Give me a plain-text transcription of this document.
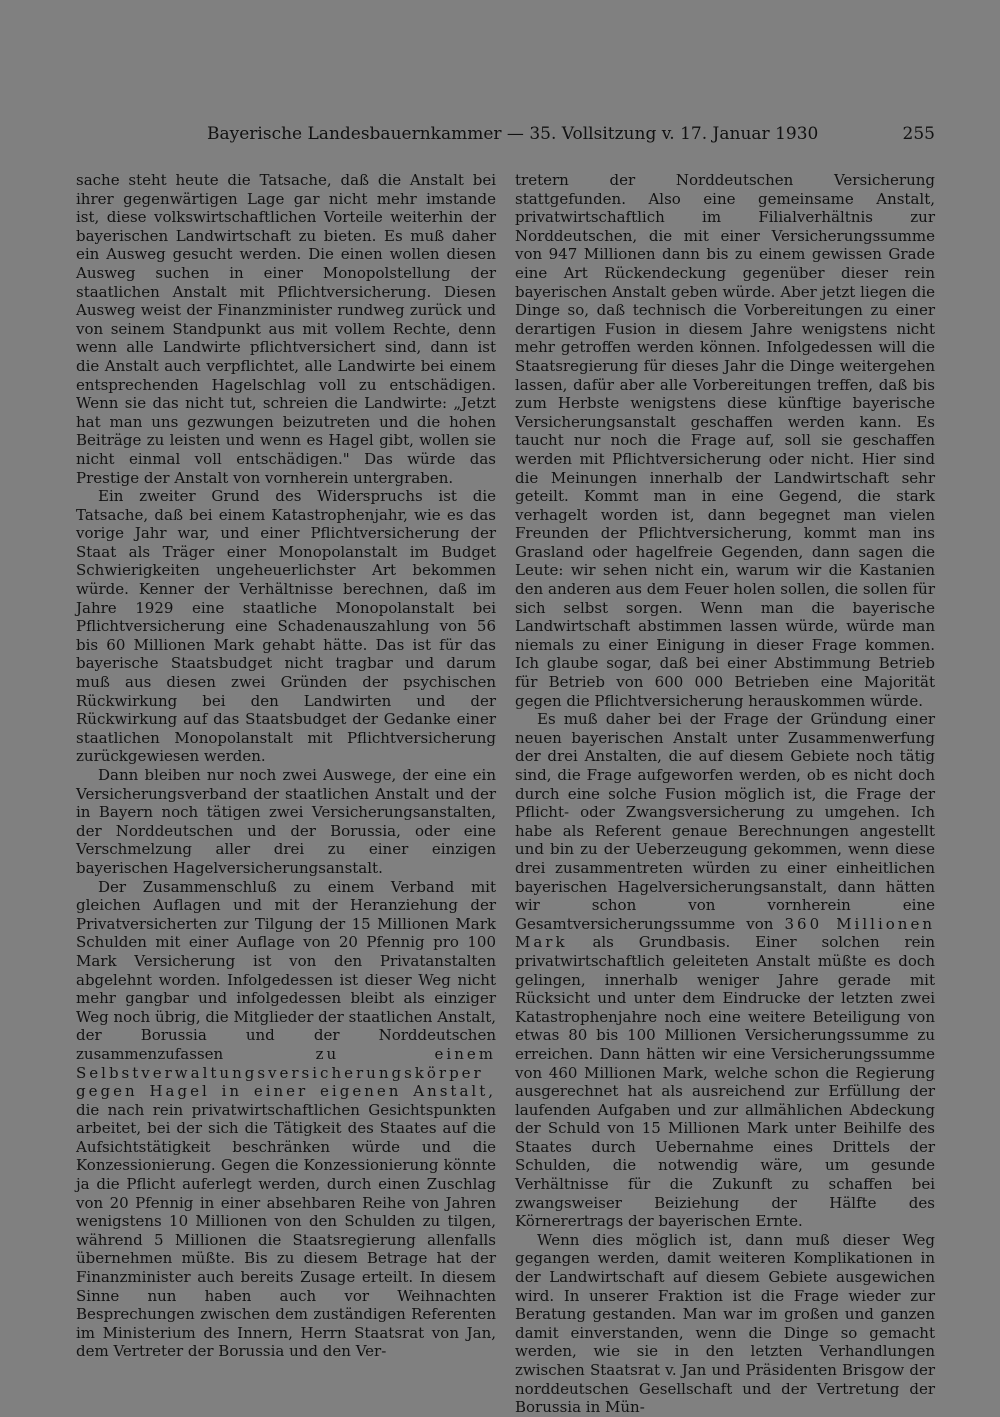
Bayerische Landesbauernkammer — 35. Vollsitzung v. 17. Januar 1930	255

sache steht heute die Tatsache, daß die Anstalt bei ihrer gegenwärtigen Lage gar nicht mehr imstande ist, diese volkswirtschaftlichen Vorteile weiterhin der bayerischen Landwirtschaft zu bieten. Es muß daher ein Ausweg gesucht werden. Die einen wollen diesen Ausweg suchen in einer Monopolstellung der staatlichen Anstalt mit Pflichtversicherung. Diesen Ausweg weist der Finanzminister rundweg zurück und von seinem Standpunkt aus mit vollem Rechte, denn wenn alle Landwirte pflichtversichert sind, dann ist die Anstalt auch verpflichtet, alle Landwirte bei einem entsprechenden Hagelschlag voll zu entschädigen. Wenn sie das nicht tut, schreien die Landwirte: „Jetzt hat man uns gezwungen beizutreten und die hohen Beiträge zu leisten und wenn es Hagel gibt, wollen sie nicht einmal voll entschädigen." Das würde das Prestige der Anstalt von vornherein untergraben.

Ein zweiter Grund des Widerspruchs ist die Tatsache, daß bei einem Katastrophenjahr, wie es das vorige Jahr war, und einer Pflichtversicherung der Staat als Träger einer Monopolanstalt im Budget Schwierigkeiten ungeheuerlichster Art bekommen würde. Kenner der Verhältnisse berechnen, daß im Jahre 1929 eine staatliche Monopolanstalt bei Pflichtversicherung eine Schadenauszahlung von 56 bis 60 Millionen Mark gehabt hätte. Das ist für das bayerische Staatsbudget nicht tragbar und darum muß aus diesen zwei Gründen der psychischen Rückwirkung bei den Landwirten und der Rückwirkung auf das Staatsbudget der Gedanke einer staatlichen Monopolanstalt mit Pflichtversicherung zurückgewiesen werden.

Dann bleiben nur noch zwei Auswege, der eine ein Versicherungsverband der staatlichen Anstalt und der in Bayern noch tätigen zwei Versicherungsanstalten, der Norddeutschen und der Borussia, oder eine Verschmelzung aller drei zu einer einzigen bayerischen Hagelversicherungsanstalt.

Der Zusammenschluß zu einem Verband mit gleichen Auflagen und mit der Heranziehung der Privatversicherten zur Tilgung der 15 Millionen Mark Schulden mit einer Auflage von 20 Pfennig pro 100 Mark Versicherung ist von den Privatanstalten abgelehnt worden. Infolgedessen ist dieser Weg nicht mehr gangbar und infolgedessen bleibt als einziger Weg noch übrig, die Mitglieder der staatlichen Anstalt, der Borussia und der Norddeutschen zusammenzufassen	zu einem Selbstverwaltungsversicherungskörper gegen Hagel in einer eigenen Anstalt, die nach rein privatwirtschaftlichen Gesichtspunkten arbeitet, bei der sich die Tätigkeit des Staates auf die Aufsichtstätigkeit beschränken würde und die Konzessionierung. Gegen die Konzessionierung könnte ja die Pflicht auferlegt werden, durch einen Zuschlag von 20 Pfennig in einer absehbaren Reihe von Jahren wenigstens 10 Millionen von den Schulden zu tilgen, während 5 Millionen die Staatsregierung allenfalls übernehmen müßte. Bis zu diesem Betrage hat der Finanzminister auch bereits Zusage erteilt. In diesem Sinne nun haben auch vor Weihnachten Besprechungen zwischen dem zuständigen Referenten im Ministerium des Innern, Herrn Staatsrat von Jan, dem Vertreter der Borussia und den Ver-

tretern der Norddeutschen Versicherung stattgefunden. Also eine gemeinsame Anstalt, privatwirtschaftlich im Filialverhältnis zur Norddeutschen, die mit einer Versicherungssumme von 947 Millionen dann bis zu einem gewissen Grade eine Art Rückendeckung gegenüber dieser rein bayerischen Anstalt geben würde. Aber jetzt liegen die Dinge so, daß technisch die Vorbereitungen zu einer derartigen Fusion in diesem Jahre wenigstens nicht mehr getroffen werden können. Infolgedessen will die Staatsregierung für dieses Jahr die Dinge weitergehen lassen, dafür aber alle Vorbereitungen treffen, daß bis zum Herbste wenigstens diese künftige bayerische Versicherungsanstalt geschaffen werden kann. Es taucht nur noch die Frage auf, soll sie geschaffen werden mit Pflichtversicherung oder nicht. Hier sind die Meinungen innerhalb der Landwirtschaft sehr geteilt. Kommt man in eine Gegend, die stark verhagelt worden ist, dann begegnet man vielen Freunden der Pflichtversicherung, kommt man ins Grasland oder hagelfreie Gegenden, dann sagen die Leute: wir sehen nicht ein, warum wir die Kastanien den anderen aus dem Feuer holen sollen, die sollen für sich selbst sorgen. Wenn man die bayerische Landwirtschaft abstimmen lassen würde, würde man niemals zu einer Einigung in dieser Frage kommen. Ich glaube sogar, daß bei einer Abstimmung Betrieb für Betrieb von 600 000 Betrieben eine Majorität gegen die Pflichtversicherung herauskommen würde.

Es muß daher bei der Frage der Gründung einer neuen bayerischen Anstalt unter Zusammenwerfung der drei Anstalten, die auf diesem Gebiete noch tätig sind, die Frage aufgeworfen werden, ob es nicht doch durch eine solche Fusion möglich ist, die Frage der Pflicht- oder Zwangsversicherung zu umgehen. Ich habe als Referent genaue Berechnungen angestellt und bin zu der Ueberzeugung gekommen, wenn diese drei zusammentreten würden zu einer einheitlichen bayerischen Hagelversicherungsanstalt, dann hätten wir schon von vornherein eine Gesamtversicherungssumme von 360 Millionen Mark als Grundbasis. Einer solchen rein privatwirtschaftlich geleiteten Anstalt müßte es doch gelingen, innerhalb weniger Jahre gerade mit Rücksicht und unter dem Eindrucke der letzten zwei Katastrophenjahre noch eine weitere Beteiligung von etwas 80 bis 100 Millionen Versicherungssumme zu erreichen. Dann hätten wir eine Versicherungssumme von 460 Millionen Mark, welche schon die Regierung ausgerechnet hat als ausreichend zur Erfüllung der laufenden Aufgaben und zur allmählichen Abdeckung der Schuld von 15 Millionen Mark unter Beihilfe des Staates durch Uebernahme eines Drittels der Schulden, die notwendig wäre, um gesunde Verhältnisse für die Zukunft zu schaffen bei zwangsweiser Beiziehung der Hälfte des Körnerertrags der bayerischen Ernte.

Wenn dies möglich ist, dann muß dieser Weg gegangen werden, damit weiteren Komplikationen in der Landwirtschaft auf diesem Gebiete ausgewichen wird. In unserer Fraktion ist die Frage wieder zur Beratung gestanden. Man war im großen und ganzen damit einverstanden, wenn die Dinge so gemacht werden, wie sie in den letzten Verhandlungen zwischen Staatsrat v. Jan und Präsidenten Brisgow der norddeutschen Gesellschaft und der Vertretung der Borussia in Mün-
